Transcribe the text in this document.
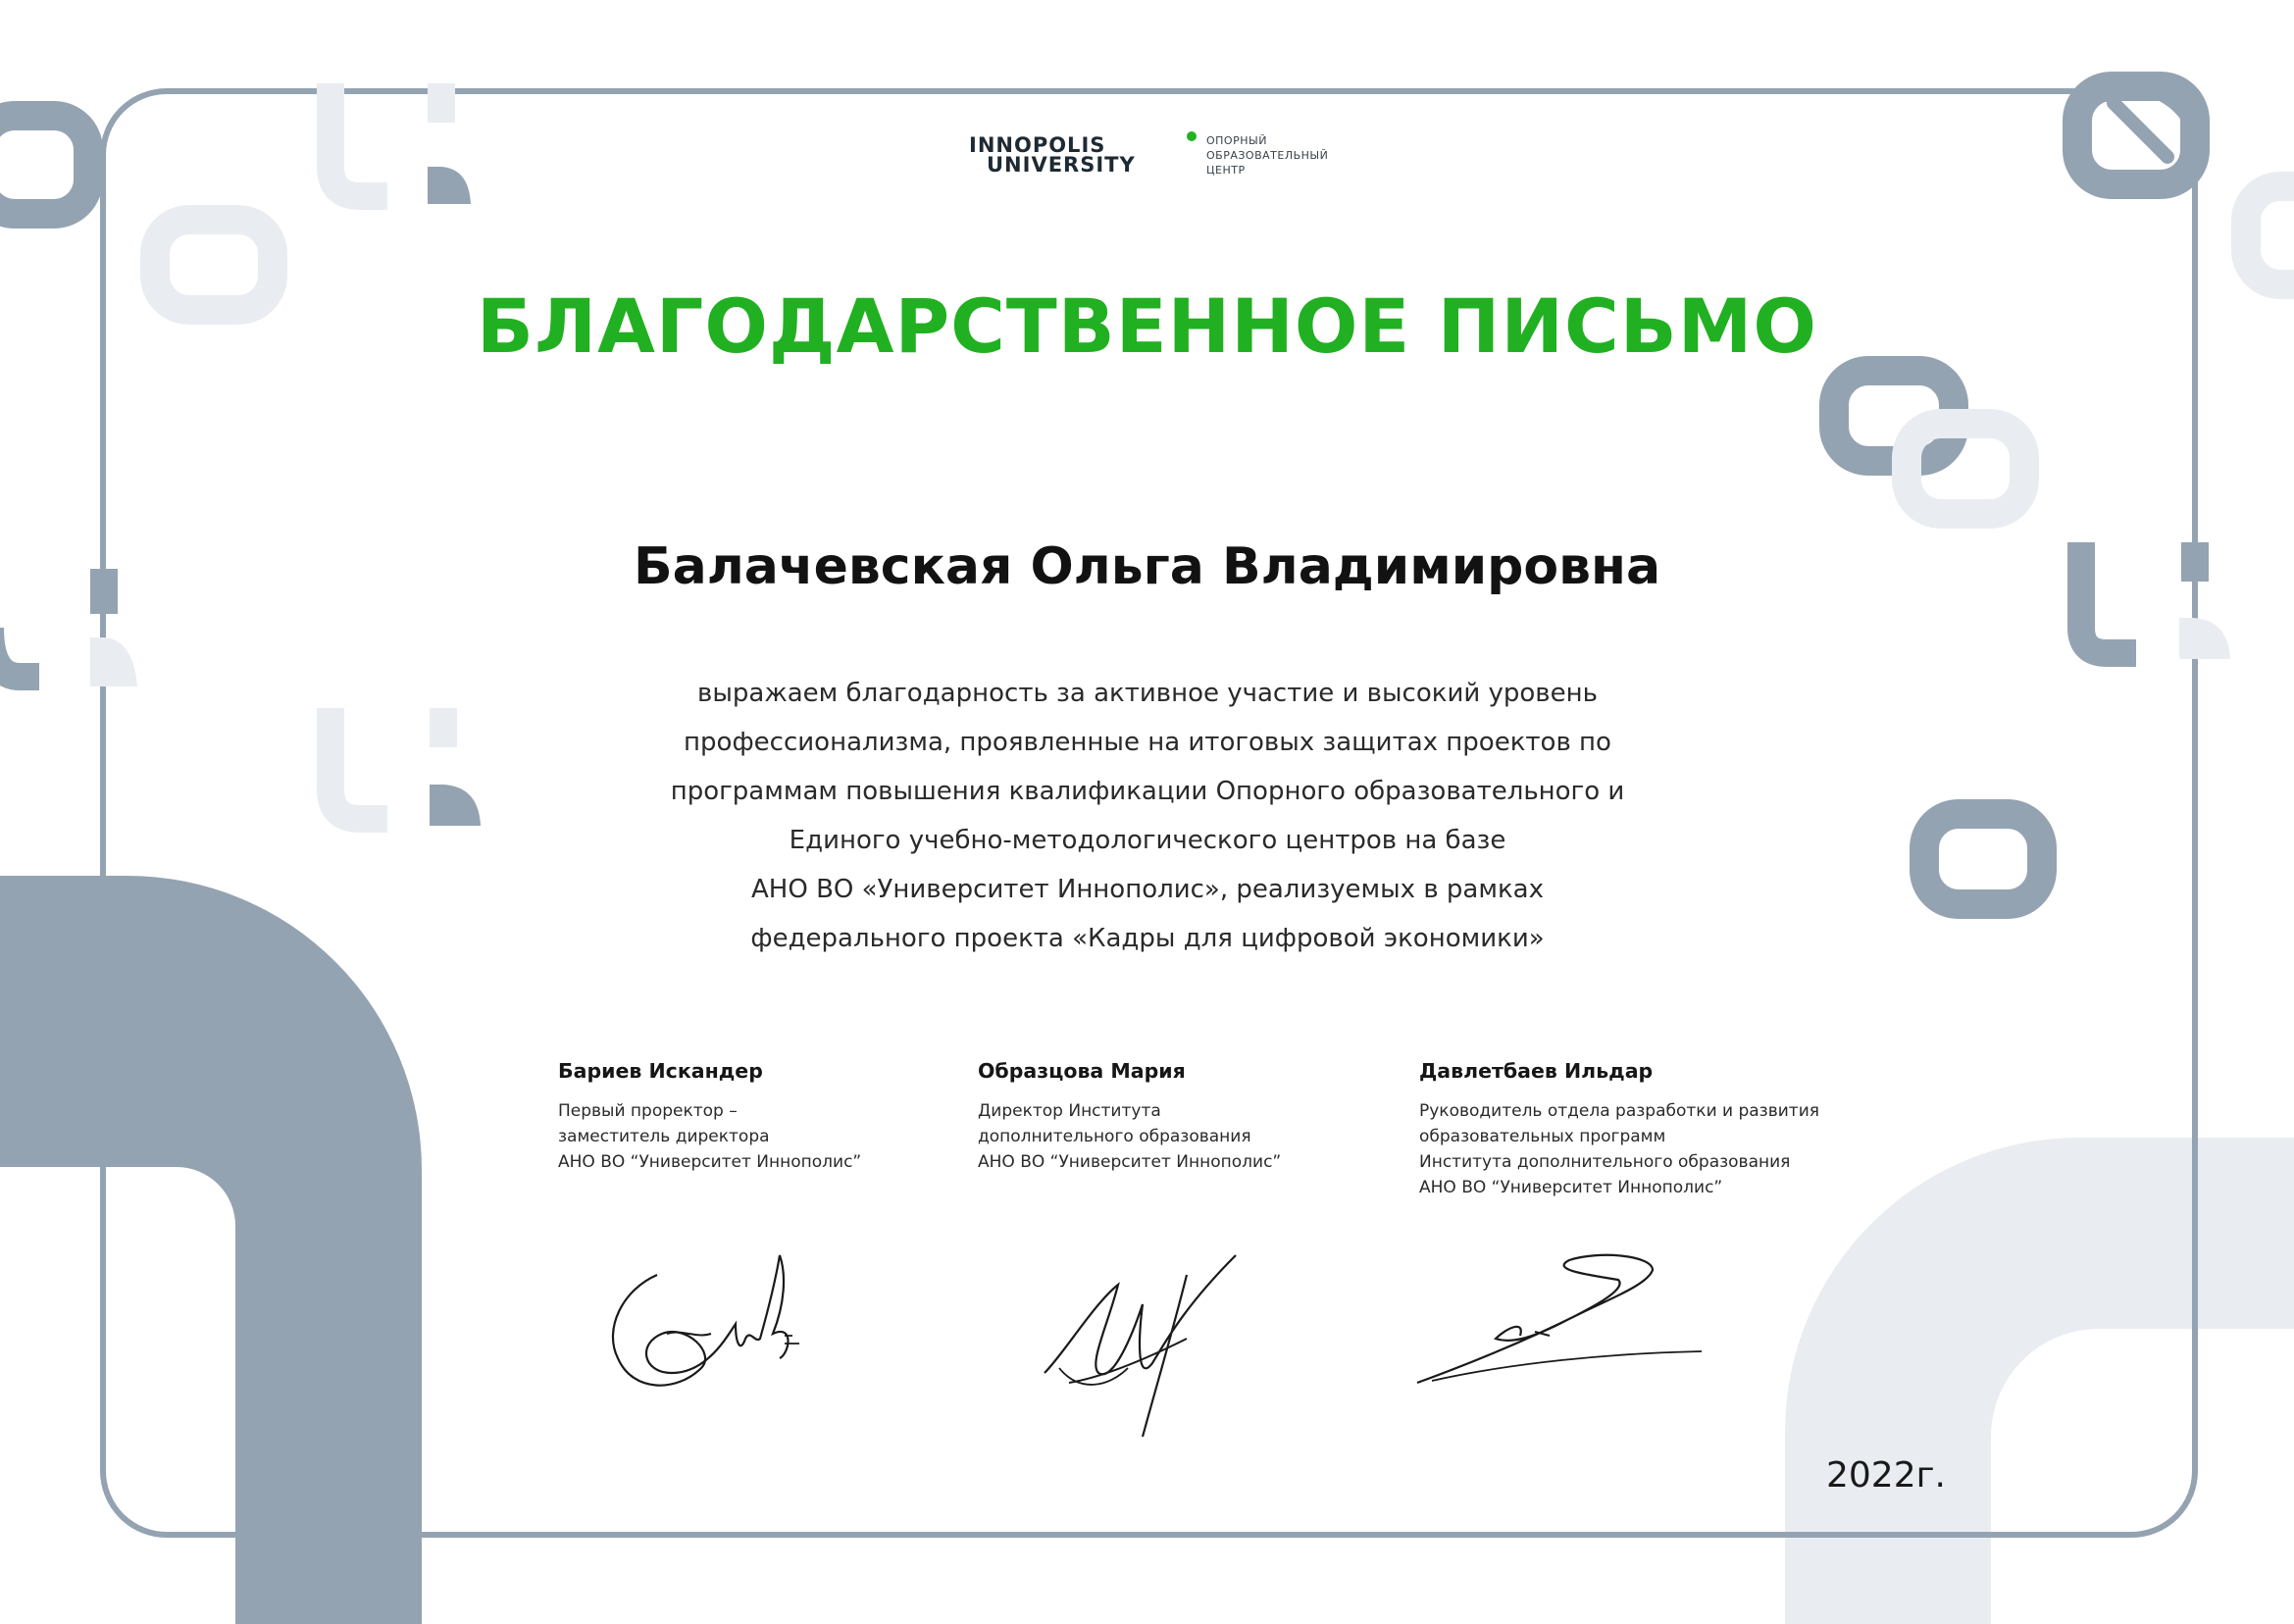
INNOPOLIS
UNIVERSITY
ОПОРНЫЙ
ОБРАЗОВАТЕЛЬНЫЙ
ЦЕНТР
БЛАГОДАРСТВЕННОЕ ПИСЬМО
Балачевская Ольга Владимировна
выражаем благодарность за активное участие и высокий уровень
профессионализма, проявленные на итоговых защитах проектов по
программам повышения квалификации Опорного образовательного и
Единого учебно-методологического центров на базе
АНО ВО «Университет Иннополис», реализуемых в рамках
федерального проекта «Кадры для цифровой экономики»
Бариев Искандер
Первый проректор –
заместитель директора
АНО ВО “Университет Иннополис”
Образцова Мария
Директор Института
дополнительного образования
АНО ВО “Университет Иннополис”
Давлетбаев Ильдар
Руководитель отдела разработки и развития
образовательных программ
Института дополнительного образования
АНО ВО “Университет Иннополис”
2022г.
